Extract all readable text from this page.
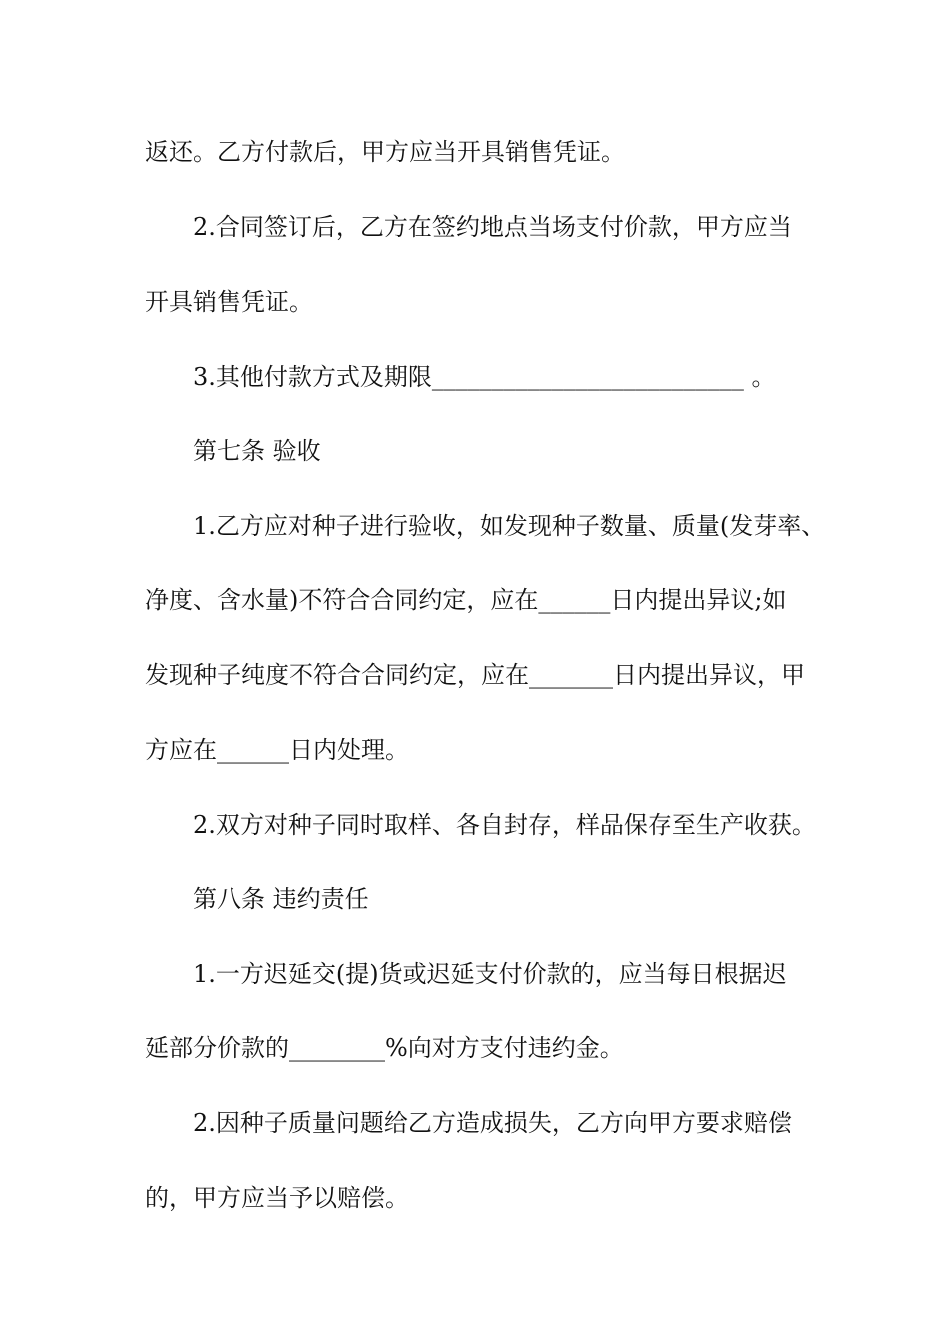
返还。乙方付款后，甲方应当开具销售凭证。
2.合同签订后，乙方在签约地点当场支付价款，甲方应当
开具销售凭证。
3.其他付款方式及期限__________________________ 。
第七条 验收
1.乙方应对种子进行验收，如发现种子数量、质量(发芽率、
净度、含水量)不符合合同约定，应在______日内提出异议;如
发现种子纯度不符合合同约定，应在_______日内提出异议，甲
方应在______日内处理。
2.双方对种子同时取样、各自封存，样品保存至生产收获。
第八条 违约责任
1.一方迟延交(提)货或迟延支付价款的，应当每日根据迟
延部分价款的________%向对方支付违约金。
2.因种子质量问题给乙方造成损失，乙方向甲方要求赔偿
的，甲方应当予以赔偿。
